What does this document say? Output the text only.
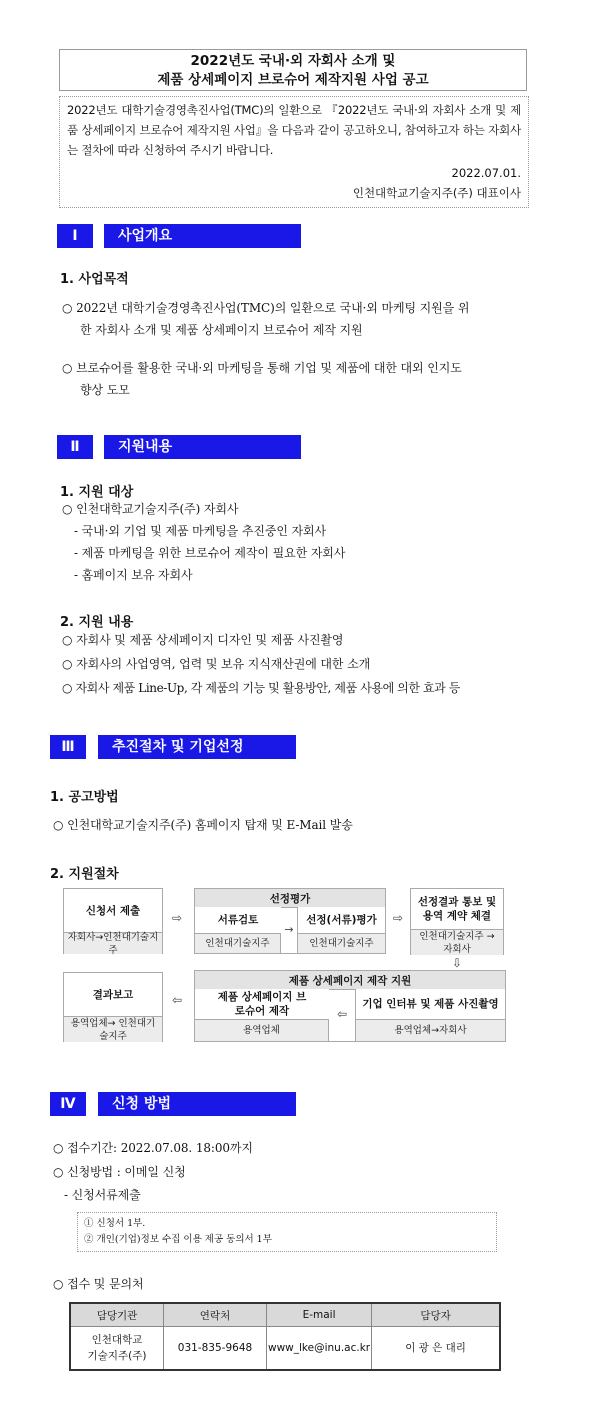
2022년도 국내·외 자회사 소개 및
제품 상세페이지 브로슈어 제작지원 사업 공고
2022년도 대학기술경영촉진사업(TMC)의 일환으로 『2022년도 국내·외 자회사 소개 및 제품 상세페이지 브로슈어 제작지원 사업』을 다음과 같이 공고하오니, 참여하고자 하는 자회사는 절차에 따라 신청하여 주시기 바랍니다.
2022.07.01.
인천대학교기술지주(주) 대표이사
Ⅰ	사업개요
1. 사업목적
○ 2022년 대학기술경영촉진사업(TMC)의 일환으로 국내·외 마케팅 지원을 위
한 자회사 소개 및 제품 상세페이지 브로슈어 제작 지원
○ 브로슈어를 활용한 국내·외 마케팅을 통해 기업 및 제품에 대한 대외 인지도
향상 도모
Ⅱ	지원내용
1. 지원 대상
○ 인천대학교기술지주(주) 자회사
- 국내·외 기업 및 제품 마케팅을 추진중인 자회사
- 제품 마케팅을 위한 브로슈어 제작이 필요한 자회사
- 홈페이지 보유 자회사
2. 지원 내용
○ 자회사 및 제품 상세페이지 디자인 및 제품 사진촬영
○ 자회사의 사업영역, 업력 및 보유 지식재산권에 대한 소개
○ 자회사 제품 Line-Up, 각 제품의 기능 및 활용방안, 제품 사용에 의한 효과 등
Ⅲ	추진절차 및 기업선정
1. 공고방법
○ 인천대학교기술지주(주) 홈페이지 탑재 및 E-Mail 발송
2. 지원절차
신청서 제출
자회사→인천대기술지주
⇨
선정평가
서류검토
인천대기술지주
→
선정(서류)평가
인천대기술지주
⇨
선정결과 통보 및 용역 계약 체결
인천대기술지주 →자회사
⇩
결과보고
용역업체→ 인천대기술지주
⇦
제품 상세페이지 제작 지원
제품 상세페이지 브로슈어 제작
용역업체
⇦
기업 인터뷰 및 제품 사진촬영
용역업체→자회사
Ⅳ	신청 방법
○ 접수기간: 2022.07.08. 18:00까지
○ 신청방법 : 이메일 신청
- 신청서류제출
① 신청서 1부.
② 개인(기업)정보 수집 이용 제공 동의서 1부
○ 접수 및 문의처
담당기관	연락처	E-mail	담당자

인천대학교
기술지주(주)	031-835-9648	www_lke@inu.ac.kr	이 광 은 대리
